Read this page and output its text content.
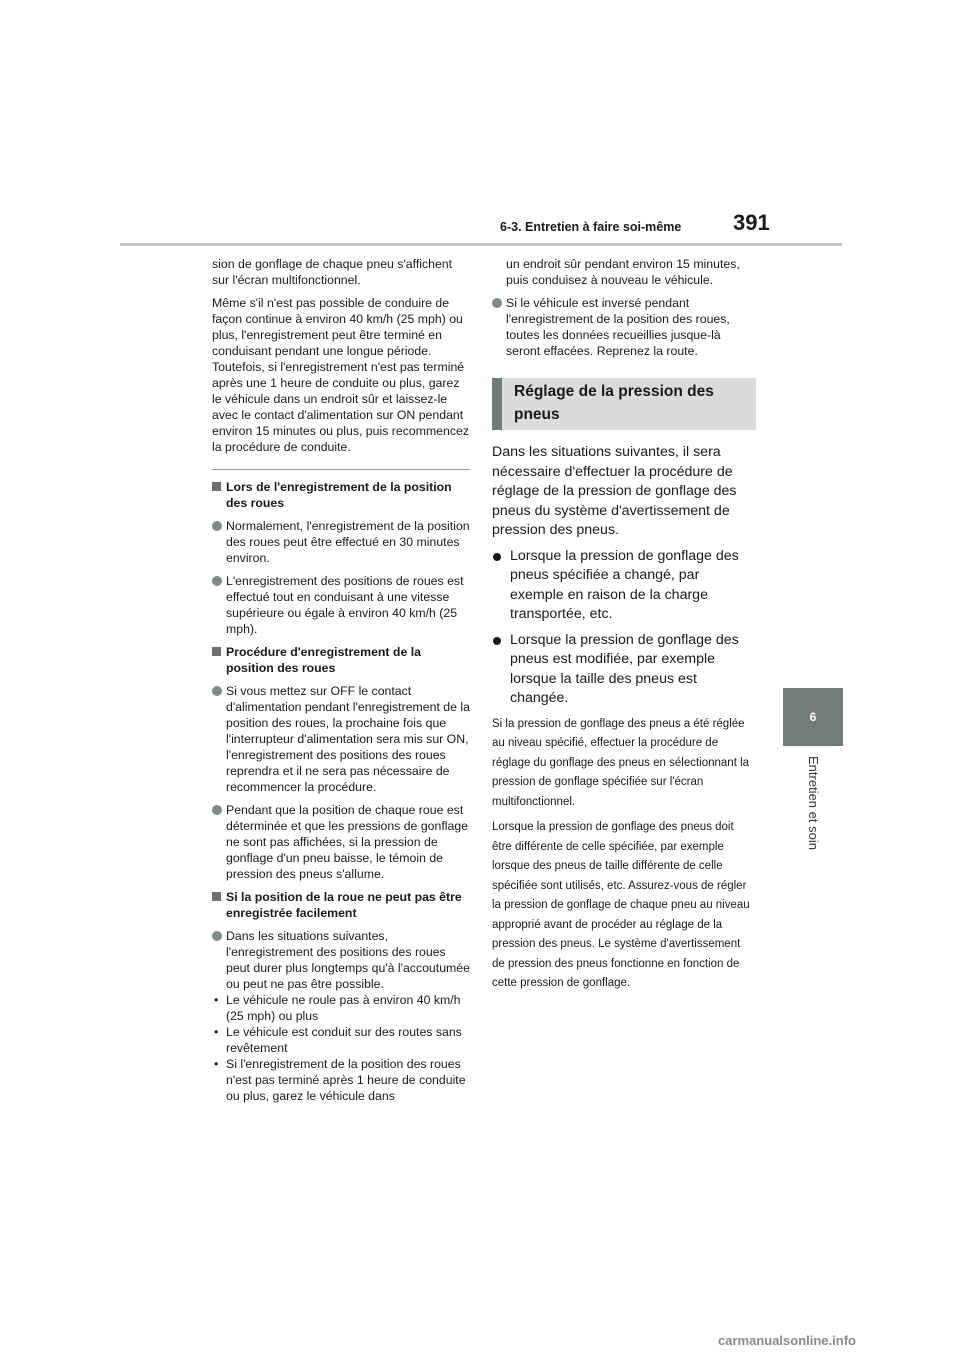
6-3. Entretien à faire soi-même 391
6
Entretien et soin

sion de gonflage de chaque pneu s'affichent sur l'écran multifonctionnel.

Même s'il n'est pas possible de conduire de façon continue à environ 40 km/h (25 mph) ou plus, l'enregistrement peut être terminé en conduisant pendant une longue période. Toutefois, si l'enregistrement n'est pas terminé après une 1 heure de conduite ou plus, garez le véhicule dans un endroit sûr et laissez-le avec le contact d'alimentation sur ON pendant environ 15 minutes ou plus, puis recommencez la procédure de conduite.

Lors de l'enregistrement de la position des roues
Normalement, l'enregistrement de la position des roues peut être effectué en 30 minutes environ.
L'enregistrement des positions de roues est effectué tout en conduisant à une vitesse supérieure ou égale à environ 40 km/h (25 mph).
Procédure d'enregistrement de la position des roues
Si vous mettez sur OFF le contact d'alimentation pendant l'enregistrement de la position des roues, la prochaine fois que l'interrupteur d'alimentation sera mis sur ON, l'enregistrement des positions des roues reprendra et il ne sera pas nécessaire de recommencer la procédure.
Pendant que la position de chaque roue est déterminée et que les pressions de gonflage ne sont pas affichées, si la pression de gonflage d'un pneu baisse, le témoin de pression des pneus s'allume.
Si la position de la roue ne peut pas être enregistrée facilement
Dans les situations suivantes, l'enregistrement des positions des roues peut durer plus longtemps qu'à l'accoutumée ou peut ne pas être possible.
• Le véhicule ne roule pas à environ 40 km/h (25 mph) ou plus
• Le véhicule est conduit sur des routes sans revêtement
• Si l'enregistrement de la position des roues n'est pas terminé après 1 heure de conduite ou plus, garez le véhicule dans

un endroit sûr pendant environ 15 minutes, puis conduisez à nouveau le véhicule.

Si le véhicule est inversé pendant l'enregistrement de la position des roues, toutes les données recueillies jusque-là seront effacées. Reprenez la route.
Réglage de la pression des pneus

Dans les situations suivantes, il sera nécessaire d'effectuer la procédure de réglage de la pression de gonflage des pneus du système d'avertissement de pression des pneus.

Lorsque la pression de gonflage des pneus spécifiée a changé, par exemple en raison de la charge transportée, etc.
Lorsque la pression de gonflage des pneus est modifiée, par exemple lorsque la taille des pneus est changée.

Si la pression de gonflage des pneus a été réglée au niveau spécifié, effectuer la procédure de réglage du gonflage des pneus en sélectionnant la pression de gonflage spécifiée sur l'écran multifonctionnel.

Lorsque la pression de gonflage des pneus doit être différente de celle spécifiée, par exemple lorsque des pneus de taille différente de celle spécifiée sont utilisés, etc. Assurez-vous de régler la pression de gonflage de chaque pneu au niveau approprié avant de procéder au réglage de la pression des pneus. Le système d'avertissement de pression des pneus fonctionne en fonction de cette pression de gonflage.

carmanualsonline.info
